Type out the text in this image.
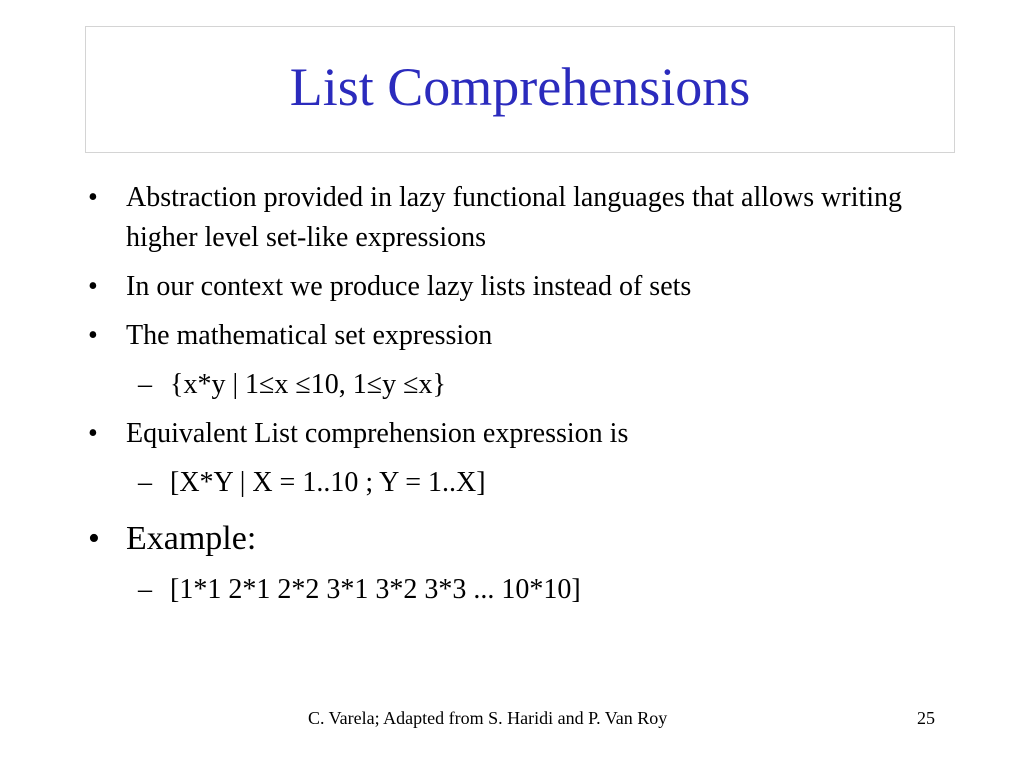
List Comprehensions
• Abstraction provided in lazy functional languages that allows writing higher level set-like expressions
• In our context we produce lazy lists instead of sets
• The mathematical set expression
– {x*y | 1≤x ≤10, 1≤y ≤x}
• Equivalent List comprehension expression is
– [X*Y | X = 1..10 ; Y = 1..X]
• Example:
– [1*1 2*1 2*2 3*1 3*2 3*3 ... 10*10]
C. Varela; Adapted from S. Haridi and P. Van Roy	25
